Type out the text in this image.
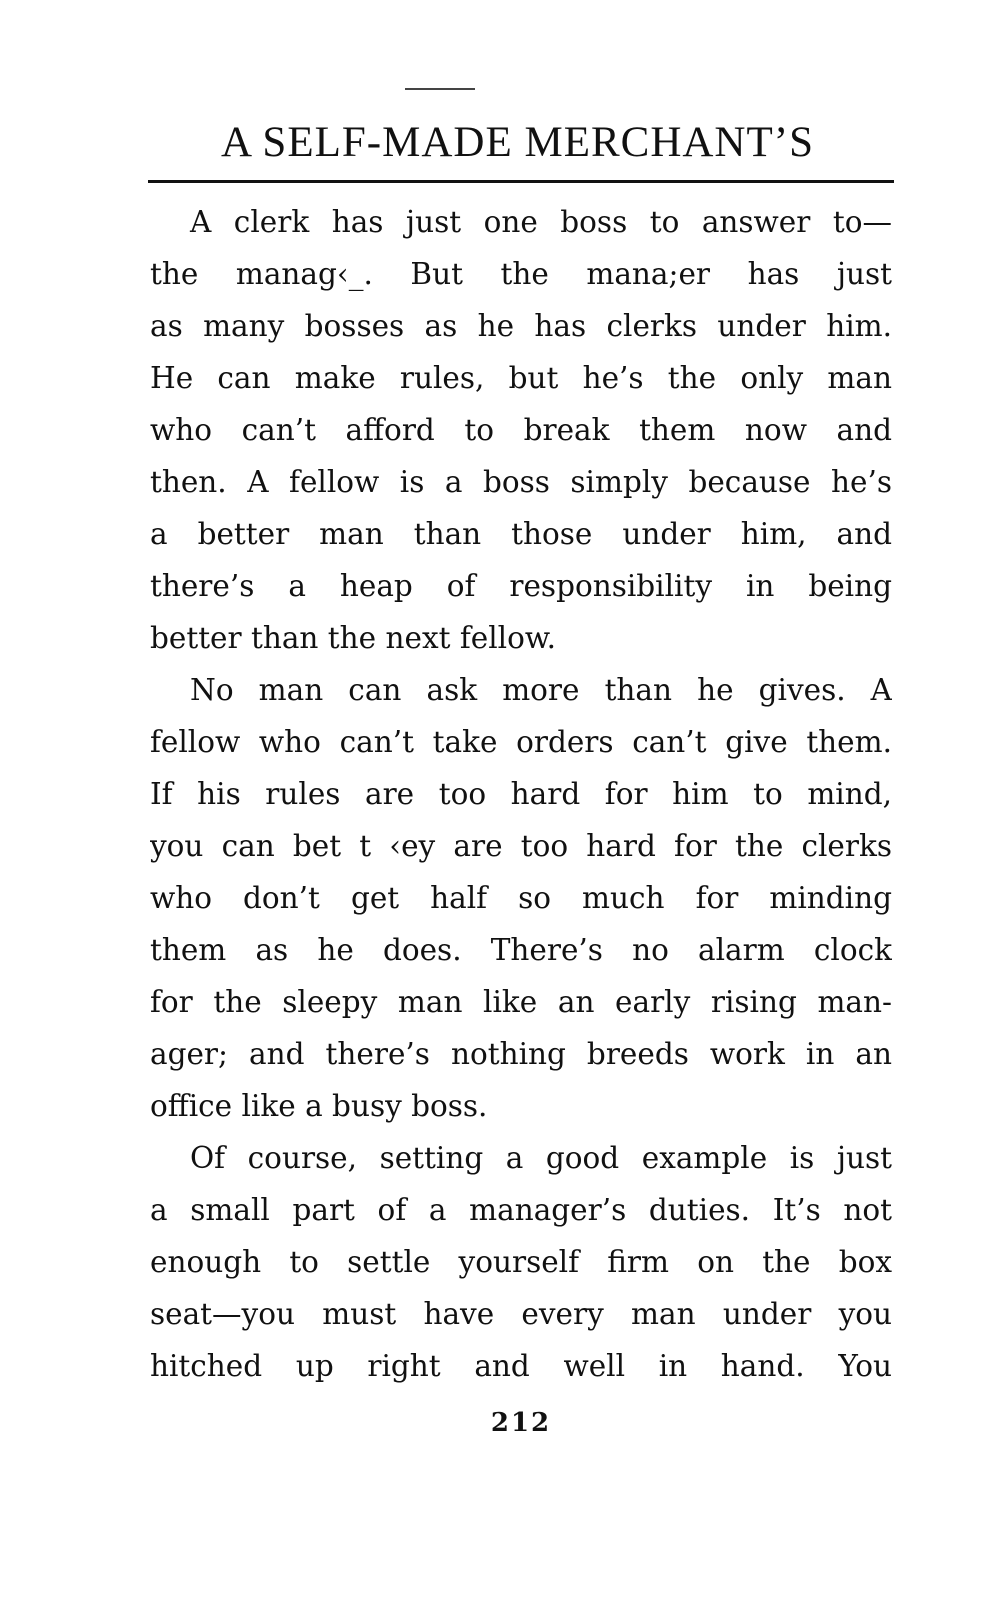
A SELF-MADE MERCHANT’S
A clerk has just one boss to answer to—
the manag‹_. But the mana;er has just
as many bosses as he has clerks under him.
He can make rules, but he’s the only man
who can’t afford to break them now and
then. A fellow is a boss simply because he’s
a better man than those under him, and
there’s a heap of responsibility in being
better than the next fellow.
No man can ask more than he gives. A
fellow who can’t take orders can’t give them.
If his rules are too hard for him to mind,
you can bet t ‹ey are too hard for the clerks
who don’t get half so much for minding
them as he does. There’s no alarm clock
for the sleepy man like an early rising man-
ager; and there’s nothing breeds work in an
office like a busy boss.
Of course, setting a good example is just
a small part of a manager’s duties. It’s not
enough to settle yourself firm on the box
seat—you must have every man under you
hitched up right and well in hand. You
212
